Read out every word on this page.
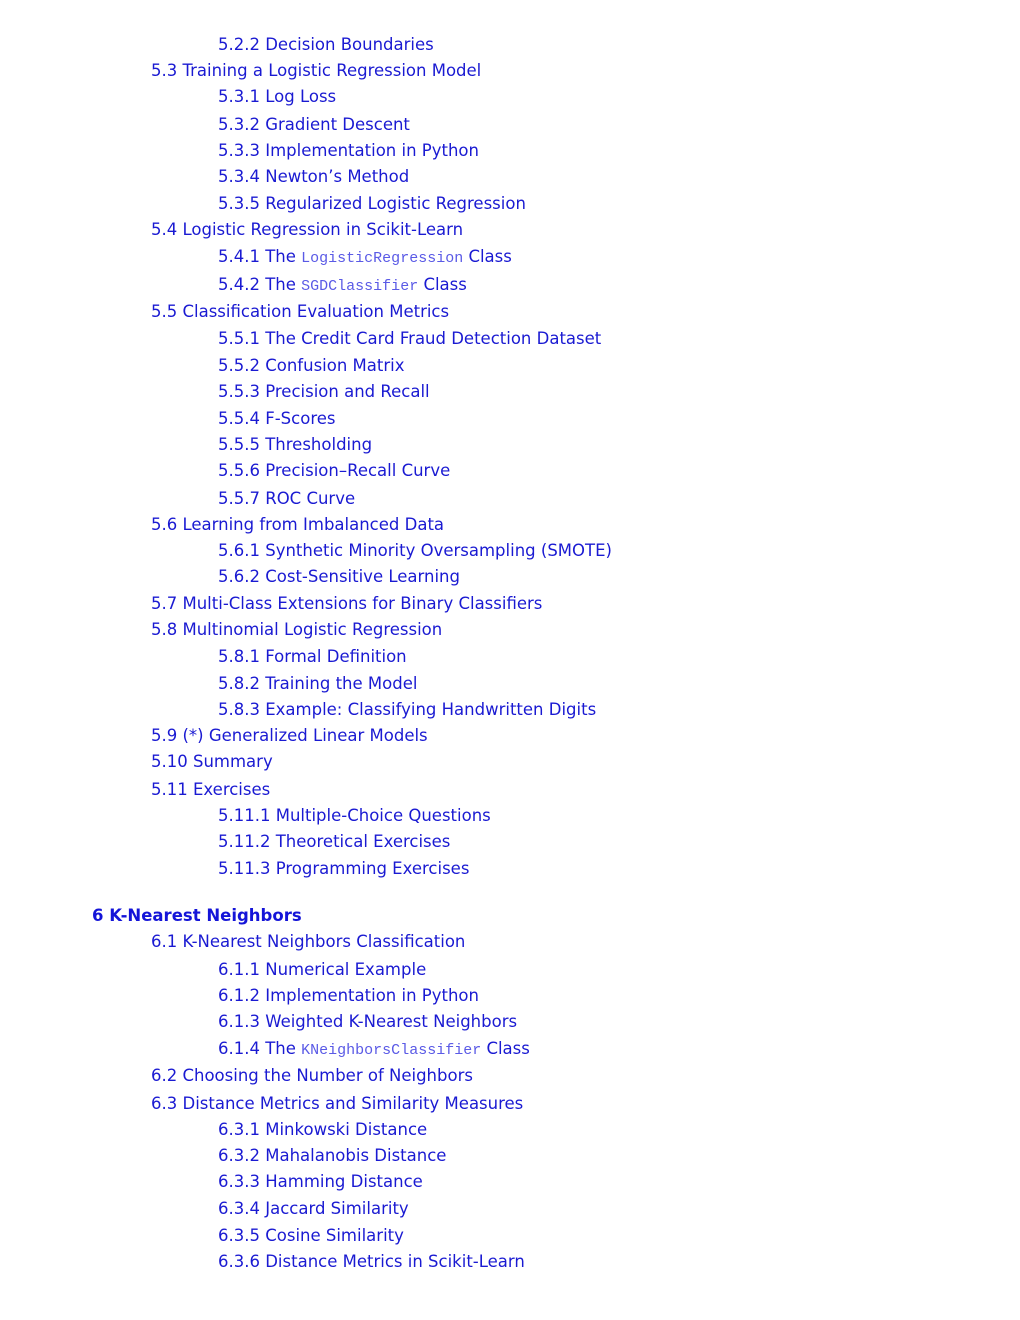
5.2.2 Decision Boundaries
5.3 Training a Logistic Regression Model
5.3.1 Log Loss
5.3.2 Gradient Descent
5.3.3 Implementation in Python
5.3.4 Newton’s Method
5.3.5 Regularized Logistic Regression
5.4 Logistic Regression in Scikit-Learn
5.4.1 The LogisticRegression Class
5.4.2 The SGDClassifier Class
5.5 Classification Evaluation Metrics
5.5.1 The Credit Card Fraud Detection Dataset
5.5.2 Confusion Matrix
5.5.3 Precision and Recall
5.5.4 F-Scores
5.5.5 Thresholding
5.5.6 Precision–Recall Curve
5.5.7 ROC Curve
5.6 Learning from Imbalanced Data
5.6.1 Synthetic Minority Oversampling (SMOTE)
5.6.2 Cost-Sensitive Learning
5.7 Multi-Class Extensions for Binary Classifiers
5.8 Multinomial Logistic Regression
5.8.1 Formal Definition
5.8.2 Training the Model
5.8.3 Example: Classifying Handwritten Digits
5.9 (*) Generalized Linear Models
5.10 Summary
5.11 Exercises
5.11.1 Multiple-Choice Questions
5.11.2 Theoretical Exercises
5.11.3 Programming Exercises
6 K-Nearest Neighbors
6.1 K-Nearest Neighbors Classification
6.1.1 Numerical Example
6.1.2 Implementation in Python
6.1.3 Weighted K-Nearest Neighbors
6.1.4 The KNeighborsClassifier Class
6.2 Choosing the Number of Neighbors
6.3 Distance Metrics and Similarity Measures
6.3.1 Minkowski Distance
6.3.2 Mahalanobis Distance
6.3.3 Hamming Distance
6.3.4 Jaccard Similarity
6.3.5 Cosine Similarity
6.3.6 Distance Metrics in Scikit-Learn
